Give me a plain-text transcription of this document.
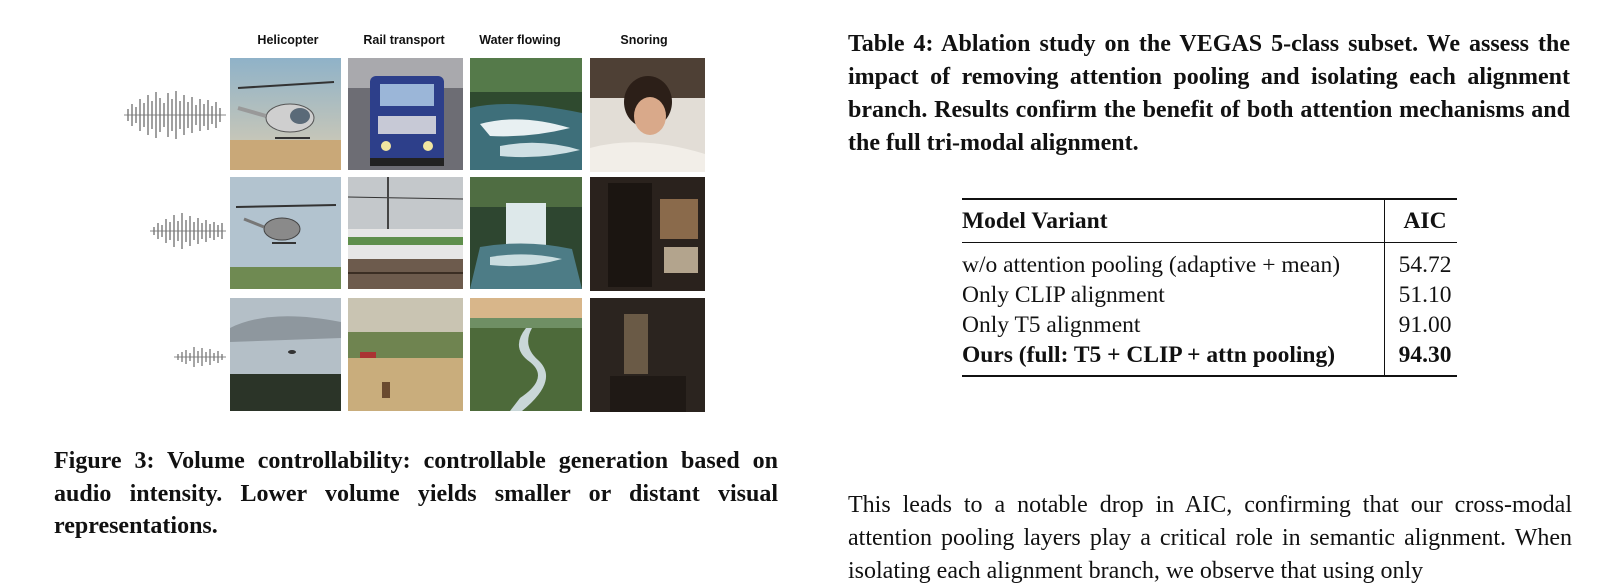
Helicopter	Rail transport	Water flowing	Snoring
Figure 3: Volume controllability: controllable generation based on audio intensity. Lower volume yields smaller or distant visual representations.
Table 4: Ablation study on the VEGAS 5-class subset. We assess the impact of removing attention pooling and isolating each alignment branch. Results confirm the benefit of both attention mechanisms and the full tri-modal alignment.
Model Variant	AIC
w/o attention pooling (adaptive + mean)	54.72
Only CLIP alignment	51.10
Only T5 alignment	91.00
Ours (full: T5 + CLIP + attn pooling)	94.30
This leads to a notable drop in AIC, confirming that our cross-modal attention pooling layers play a critical role in semantic alignment. When isolating each alignment branch, we observe that using only
